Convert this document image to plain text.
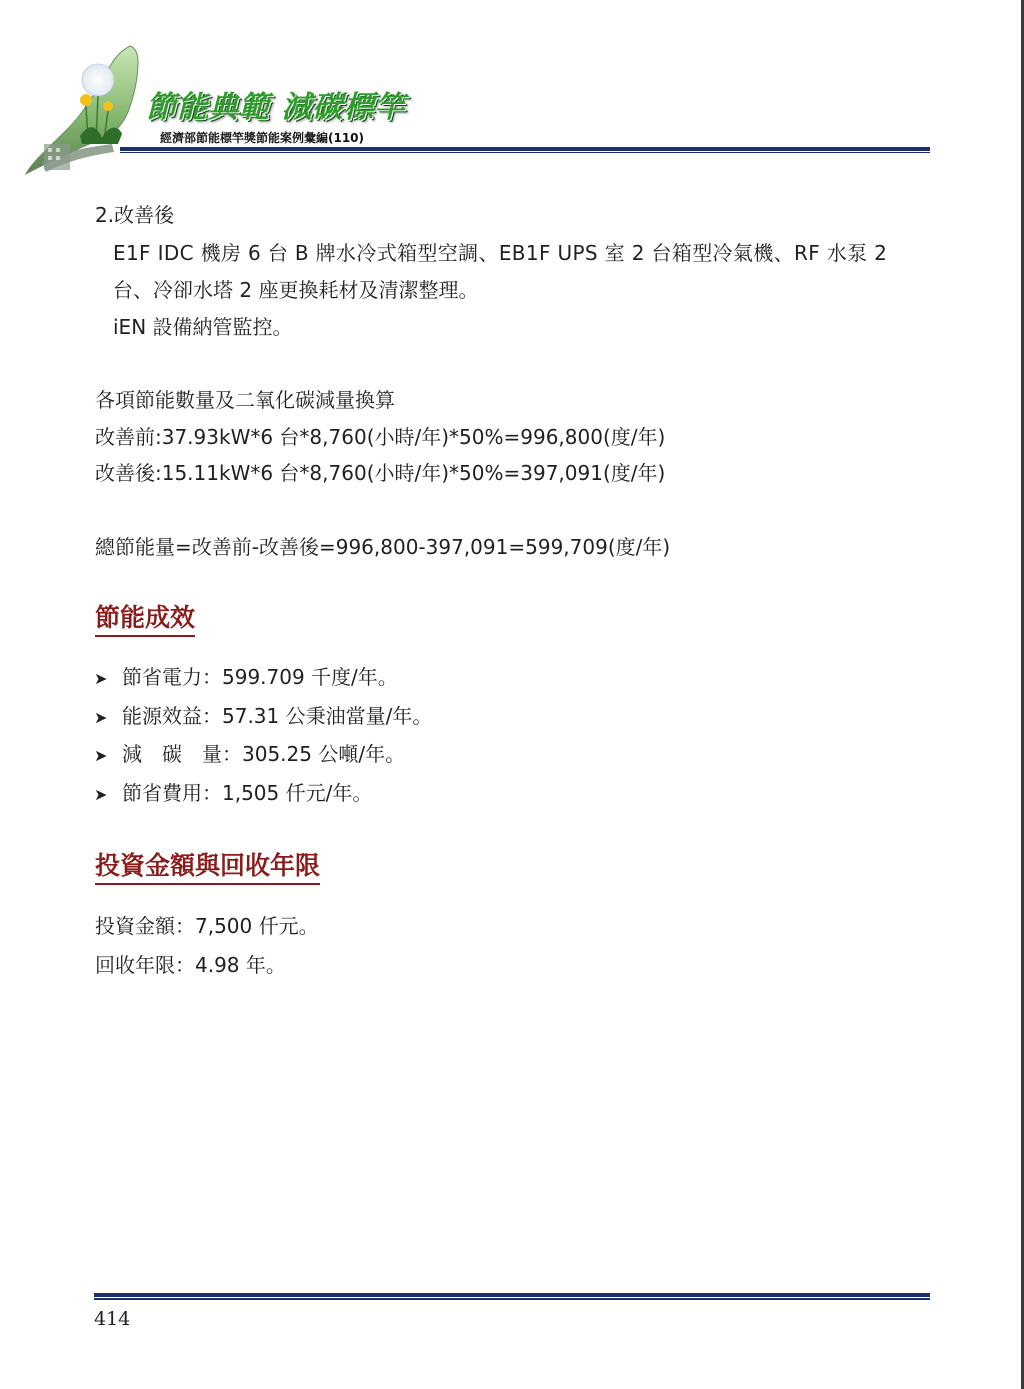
節能典範 減碳標竿
經濟部節能標竿獎節能案例彙編(110)
2.改善後
E1F IDC 機房 6 台 B 牌水冷式箱型空調、EB1F UPS 室 2 台箱型冷氣機、RF 水泵 2
台、冷卻水塔 2 座更換耗材及清潔整理。
iEN 設備納管監控。
各項節能數量及二氧化碳減量換算
改善前:37.93kW*6 台*8,760(小時/年)*50%=996,800(度/年)
改善後:15.11kW*6 台*8,760(小時/年)*50%=397,091(度/年)
總節能量=改善前-改善後=996,800-397,091=599,709(度/年)
節能成效
➤ 節省電力：599.709 千度/年。
➤ 能源效益：57.31 公秉油當量/年。
➤ 減　碳　量：305.25 公噸/年。
➤ 節省費用：1,505 仟元/年。
投資金額與回收年限
投資金額：7,500 仟元。
回收年限：4.98 年。
414
